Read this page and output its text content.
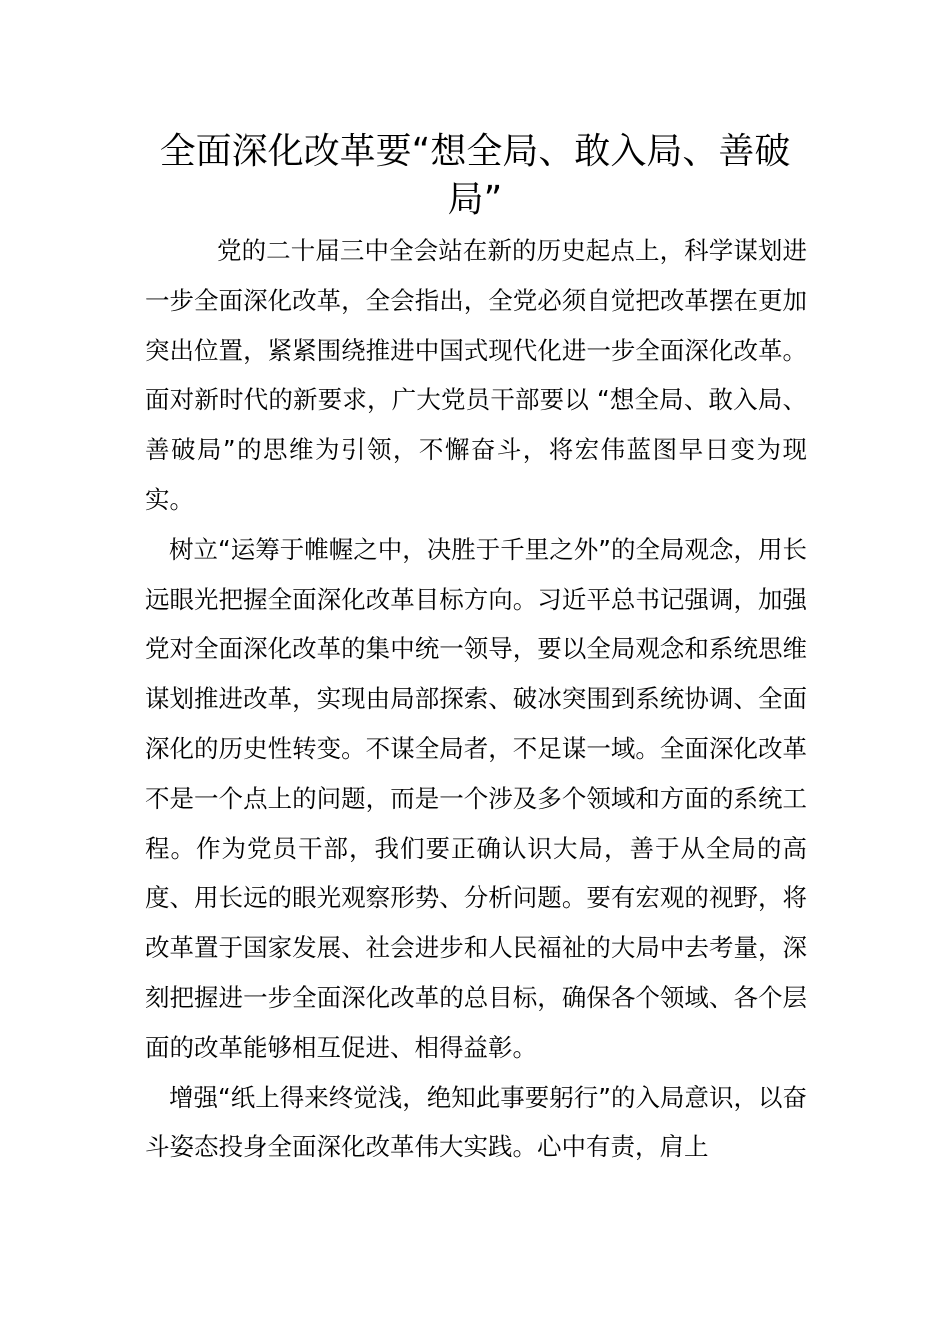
全面深化改革要“想全局、敢入局、善破局”

党的二十届三中全会站在新的历史起点上，科学谋划进一步全面深化改革，全会指出，全党必须自觉把改革摆在更加突出位置，紧紧围绕推进中国式现代化进一步全面深化改革。面对新时代的新要求，广大党员干部要以 “想全局、敢入局、善破局”的思维为引领，不懈奋斗，将宏伟蓝图早日变为现实。

树立“运筹于帷幄之中，决胜于千里之外”的全局观念，用长远眼光把握全面深化改革目标方向。习近平总书记强调，加强党对全面深化改革的集中统一领导，要以全局观念和系统思维谋划推进改革，实现由局部探索、破冰突围到系统协调、全面深化的历史性转变。不谋全局者，不足谋一域。全面深化改革不是一个点上的问题，而是一个涉及多个领域和方面的系统工程。作为党员干部，我们要正确认识大局，善于从全局的高度、用长远的眼光观察形势、分析问题。要有宏观的视野，将改革置于国家发展、社会进步和人民福祉的大局中去考量，深刻把握进一步全面深化改革的总目标，确保各个领域、各个层面的改革能够相互促进、相得益彰。

增强“纸上得来终觉浅，绝知此事要躬行”的入局意识，以奋斗姿态投身全面深化改革伟大实践。心中有责，肩上
